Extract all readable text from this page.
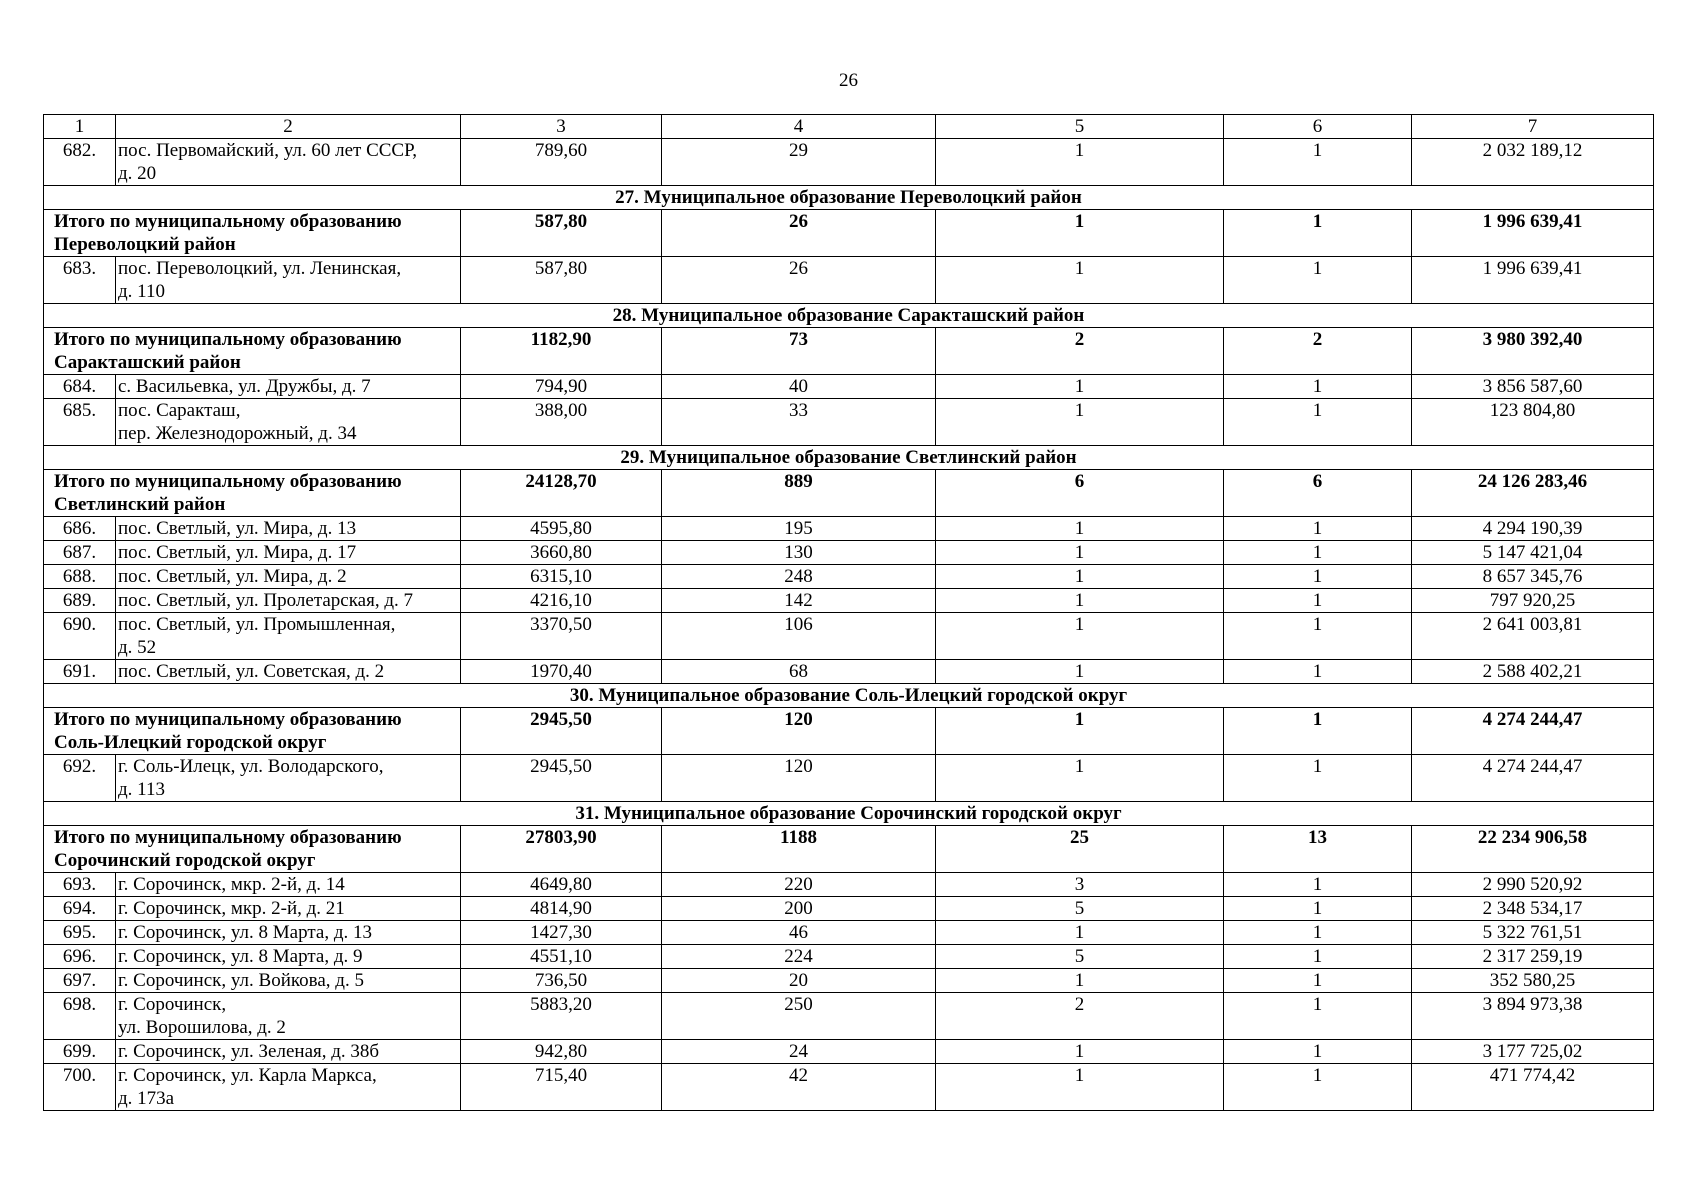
26
1	2	3	4	5	6	7
682.	пос. Первомайский, ул. 60 лет СССР,
д. 20	789,60	29	1	1	2 032 189,12
27. Муниципальное образование Переволоцкий район						

Итого по муниципальному образованию
Переволоцкий район		587,80	26	1	1	1 996 639,41
683.	пос. Переволоцкий, ул. Ленинская,
д. 110	587,80	26	1	1	1 996 639,41
28. Муниципальное образование Саракташский район						

Итого по муниципальному образованию
Саракташский район		1182,90	73	2	2	3 980 392,40
684.	с. Васильевка, ул. Дружбы, д. 7	794,90	40	1	1	3 856 587,60
685.	пос. Саракташ,
пер. Железнодорожный, д. 34	388,00	33	1	1	123 804,80
29. Муниципальное образование Светлинский район						

Итого по муниципальному образованию
Светлинский район		24128,70	889	6	6	24 126 283,46
686.	пос. Светлый, ул. Мира, д. 13	4595,80	195	1	1	4 294 190,39
687.	пос. Светлый, ул. Мира, д. 17	3660,80	130	1	1	5 147 421,04
688.	пос. Светлый, ул. Мира, д. 2	6315,10	248	1	1	8 657 345,76
689.	пос. Светлый, ул. Пролетарская, д. 7	4216,10	142	1	1	797 920,25
690.	пос. Светлый, ул. Промышленная,
д. 52	3370,50	106	1	1	2 641 003,81
691.	пос. Светлый, ул. Советская, д. 2	1970,40	68	1	1	2 588 402,21
30. Муниципальное образование Соль-Илецкий городской округ						

Итого по муниципальному образованию
Соль-Илецкий городской округ		2945,50	120	1	1	4 274 244,47
692.	г. Соль-Илецк, ул. Володарского,
д. 113	2945,50	120	1	1	4 274 244,47
31. Муниципальное образование Сорочинский городской округ						

Итого по муниципальному образованию
Сорочинский городской округ		27803,90	1188	25	13	22 234 906,58
693.	г. Сорочинск, мкр. 2-й, д. 14	4649,80	220	3	1	2 990 520,92
694.	г. Сорочинск, мкр. 2-й, д. 21	4814,90	200	5	1	2 348 534,17
695.	г. Сорочинск, ул. 8 Марта, д. 13	1427,30	46	1	1	5 322 761,51
696.	г. Сорочинск, ул. 8 Марта, д. 9	4551,10	224	5	1	2 317 259,19
697.	г. Сорочинск, ул. Войкова, д. 5	736,50	20	1	1	352 580,25
698.	г. Сорочинск,
ул. Ворошилова, д. 2	5883,20	250	2	1	3 894 973,38
699.	г. Сорочинск, ул. Зеленая, д. 38б	942,80	24	1	1	3 177 725,02
700.	г. Сорочинск, ул. Карла Маркса,
д. 173а	715,40	42	1	1	471 774,42
